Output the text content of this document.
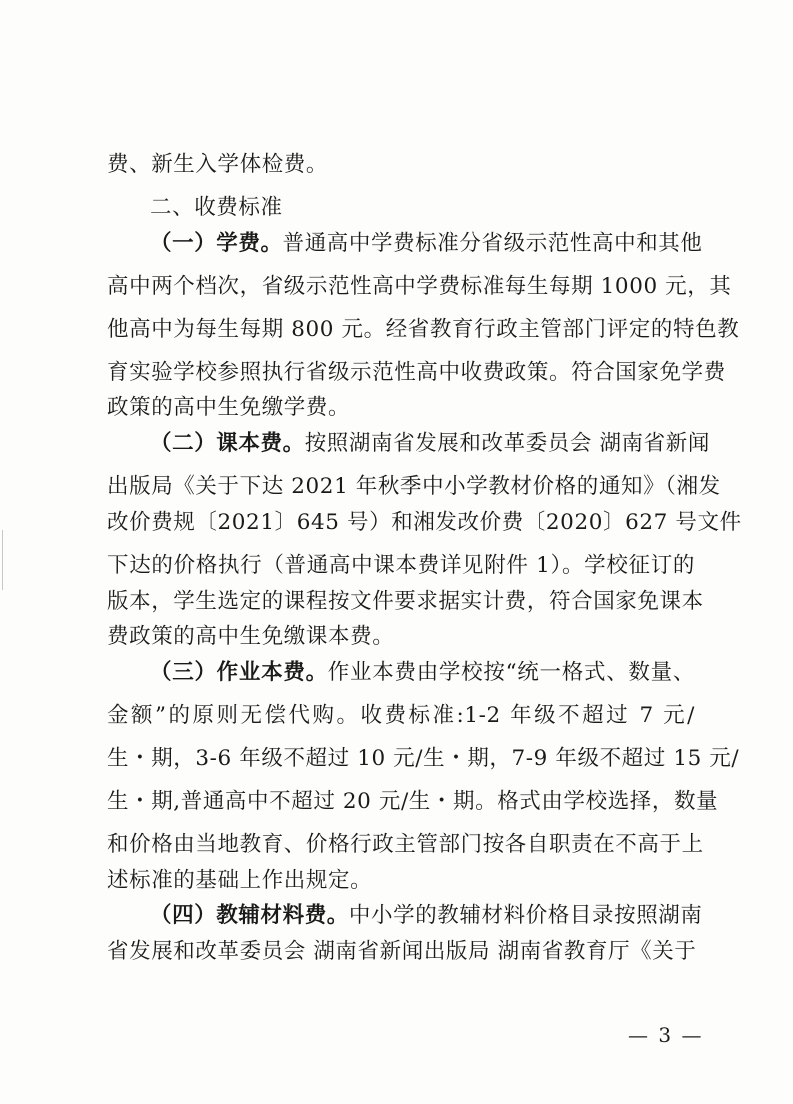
费、新生入学体检费。
二、收费标准
（一）学费。普通高中学费标准分省级示范性高中和其他
高中两个档次，省级示范性高中学费标准每生每期 1000 元，其
他高中为每生每期 800 元。经省教育行政主管部门评定的特色教
育实验学校参照执行省级示范性高中收费政策。符合国家免学费
政策的高中生免缴学费。
（二）课本费。按照湖南省发展和改革委员会 湖南省新闻
出版局《关于下达 2021 年秋季中小学教材价格的通知》（湘发
改价费规〔2021〕645 号）和湘发改价费〔2020〕627 号文件
下达的价格执行（普通高中课本费详见附件 1）。学校征订的
版本，学生选定的课程按文件要求据实计费，符合国家免课本
费政策的高中生免缴课本费。
（三）作业本费。作业本费由学校按“统一格式、数量、
金额”的原则无偿代购。收费标准:1-2 年级不超过 7 元/
生・期，3-6 年级不超过 10 元/生・期，7-9 年级不超过 15 元/
生・期,普通高中不超过 20 元/生・期。格式由学校选择，数量
和价格由当地教育、价格行政主管部门按各自职责在不高于上
述标准的基础上作出规定。
（四）教辅材料费。中小学的教辅材料价格目录按照湖南
省发展和改革委员会 湖南省新闻出版局 湖南省教育厅《关于
— 3 —
